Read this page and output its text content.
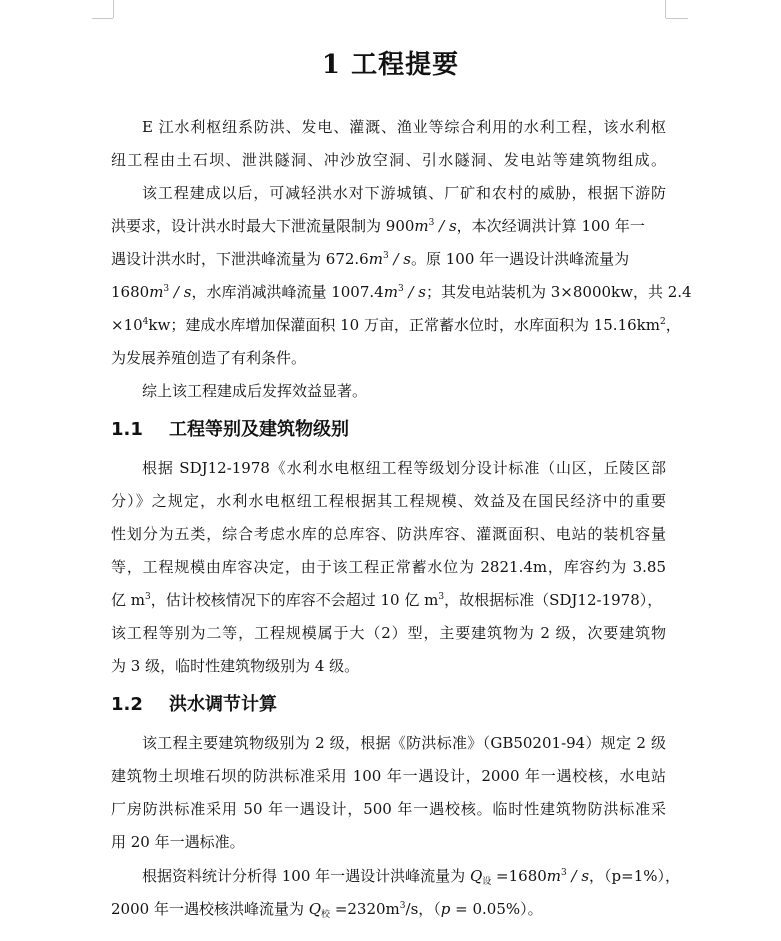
1 工程提要
E 江水利枢纽系防洪、发电、灌溉、渔业等综合利用的水利工程，该水利枢
纽工程由土石坝、泄洪隧洞、冲沙放空洞、引水隧洞、发电站等建筑物组成。
该工程建成以后，可减轻洪水对下游城镇、厂矿和农村的威胁，根据下游防
洪要求，设计洪水时最大下泄流量限制为 $900m^3$ / s，本次经调洪计算 100 年一
遇设计洪水时，下泄洪峰流量为 $672.6m^3$ / s。原 100 年一遇设计洪峰流量为
$1680m^3$ / s，水库消减洪峰流量 $1007.4m^3$ / s；其发电站装机为 3×8000kw，共 2.4
$\times 10^4kw$；建成水库增加保灌面积 10 万亩，正常蓄水位时，水库面积为 $15.16km^2$，
为发展养殖创造了有利条件。
综上该工程建成后发挥效益显著。
1.1 工程等别及建筑物级别
根据 SDJ12-1978《水利水电枢纽工程等级划分设计标准（山区，丘陵区部
分）》之规定，水利水电枢纽工程根据其工程规模、效益及在国民经济中的重要
性划分为五类，综合考虑水库的总库容、防洪库容、灌溉面积、电站的装机容量
等，工程规模由库容决定，由于该工程正常蓄水位为 2821.4m，库容约为 3.85
亿 $m^3$，估计校核情况下的库容不会超过 10 亿 $m^3$，故根据标准（SDJ12-1978），
该工程等别为二等，工程规模属于大（2）型，主要建筑物为 2 级，次要建筑物
为 3 级，临时性建筑物级别为 4 级。
1.2 洪水调节计算
该工程主要建筑物级别为 2 级，根据《防洪标准》（GB50201-94）规定 2 级
建筑物土坝堆石坝的防洪标准采用 100 年一遇设计，2000 年一遇校核，水电站
厂房防洪标准采用 50 年一遇设计，500 年一遇校核。临时性建筑物防洪标准采
用 20 年一遇标准。
根据资料统计分析得 100 年一遇设计洪峰流量为 $Q_设 =1680m^3 / s$，（p=1%），
2000 年一遇校核洪峰流量为 $Q_校 =2320m^3/s$，（p = 0.05%）。
